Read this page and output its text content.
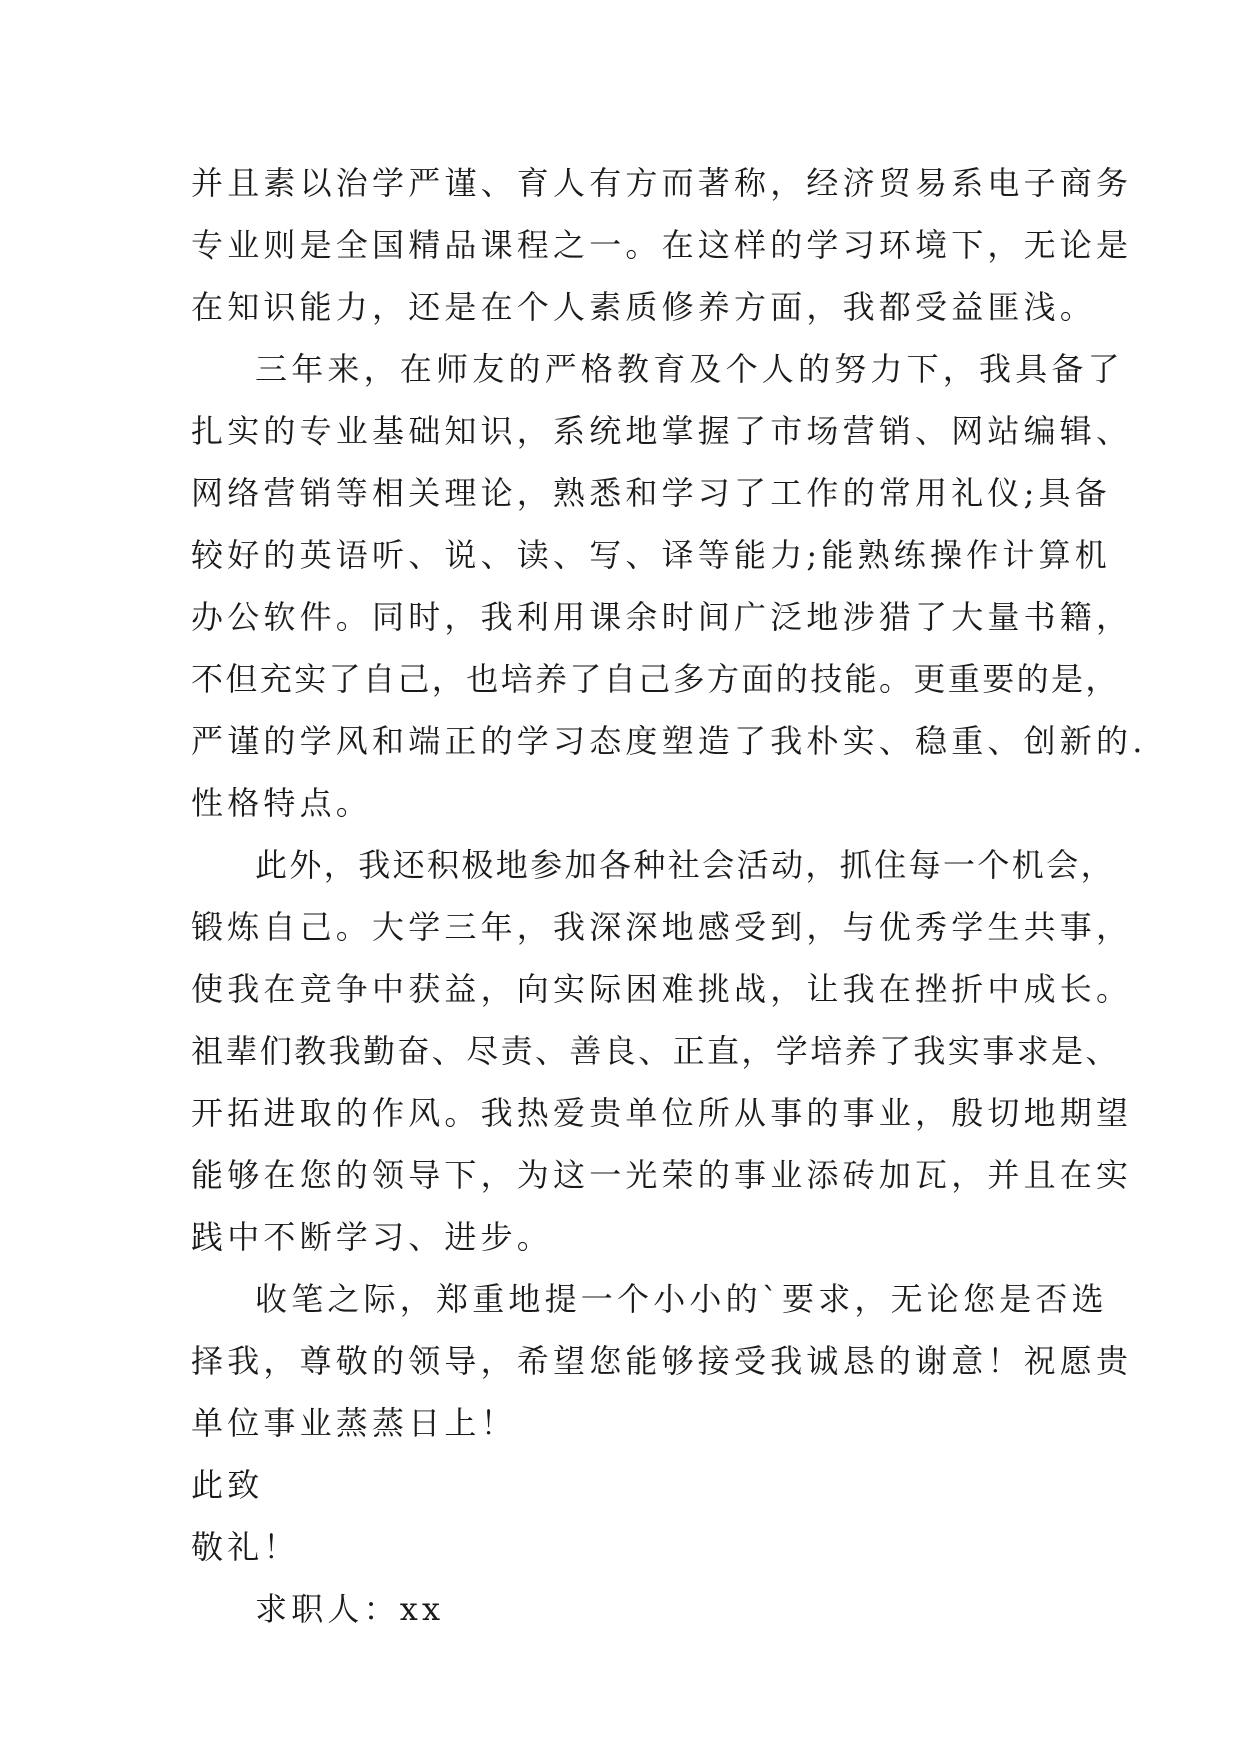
并且素以治学严谨、育人有方而著称，经济贸易系电子商务
专业则是全国精品课程之一。在这样的学习环境下，无论是
在知识能力，还是在个人素质修养方面，我都受益匪浅。
三年来，在师友的严格教育及个人的努力下，我具备了
扎实的专业基础知识，系统地掌握了市场营销、网站编辑、
网络营销等相关理论，熟悉和学习了工作的常用礼仪;具备
较好的英语听、说、读、写、译等能力;能熟练操作计算机
办公软件。同时，我利用课余时间广泛地涉猎了大量书籍，
不但充实了自己，也培养了自己多方面的技能。更重要的是，
严谨的学风和端正的学习态度塑造了我朴实、稳重、创新的.
性格特点。
此外，我还积极地参加各种社会活动，抓住每一个机会，
锻炼自己。大学三年，我深深地感受到，与优秀学生共事，
使我在竞争中获益，向实际困难挑战，让我在挫折中成长。
祖辈们教我勤奋、尽责、善良、正直，学培养了我实事求是、
开拓进取的作风。我热爱贵单位所从事的事业，殷切地期望
能够在您的领导下，为这一光荣的事业添砖加瓦，并且在实
践中不断学习、进步。
收笔之际，郑重地提一个小小的`要求，无论您是否选
择我，尊敬的领导，希望您能够接受我诚恳的谢意！祝愿贵
单位事业蒸蒸日上！
此致
敬礼！
求职人：xx
